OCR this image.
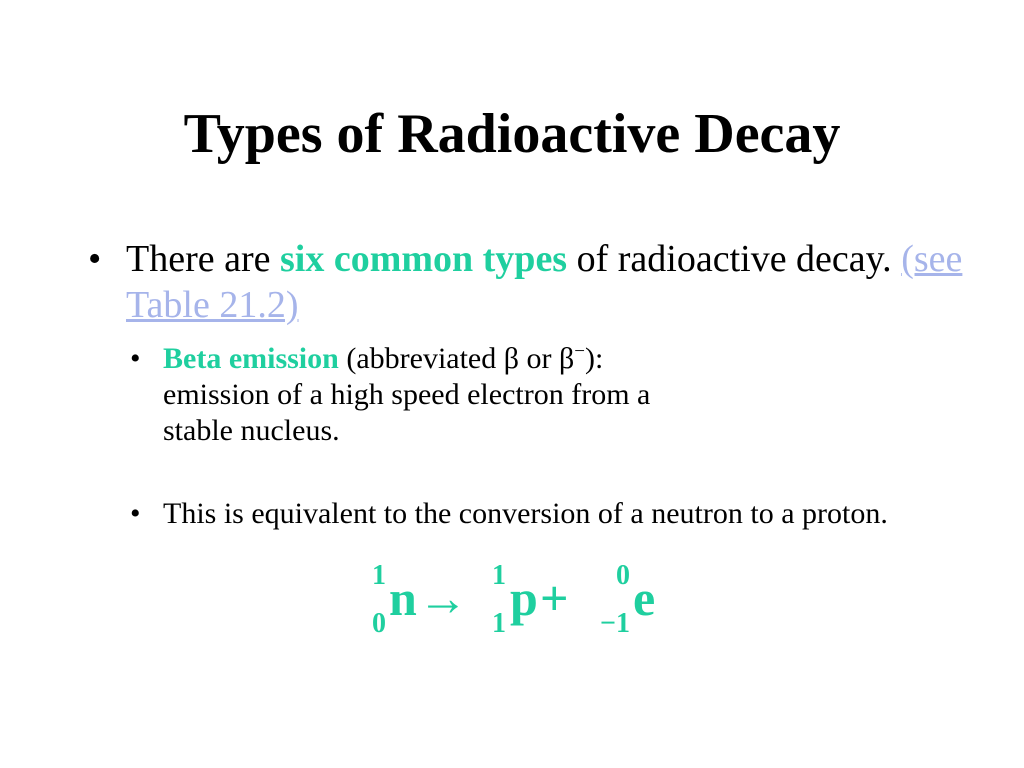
Types of Radioactive Decay
• There are six common types of radioactive decay. (see Table 21.2)
• Beta emission (abbreviated β or β−):
emission of a high speed electron from a
stable nucleus.
• This is equivalent to the conversion of a neutron to a proton.
1
0 n → 1
1 p +	0
−1 e
